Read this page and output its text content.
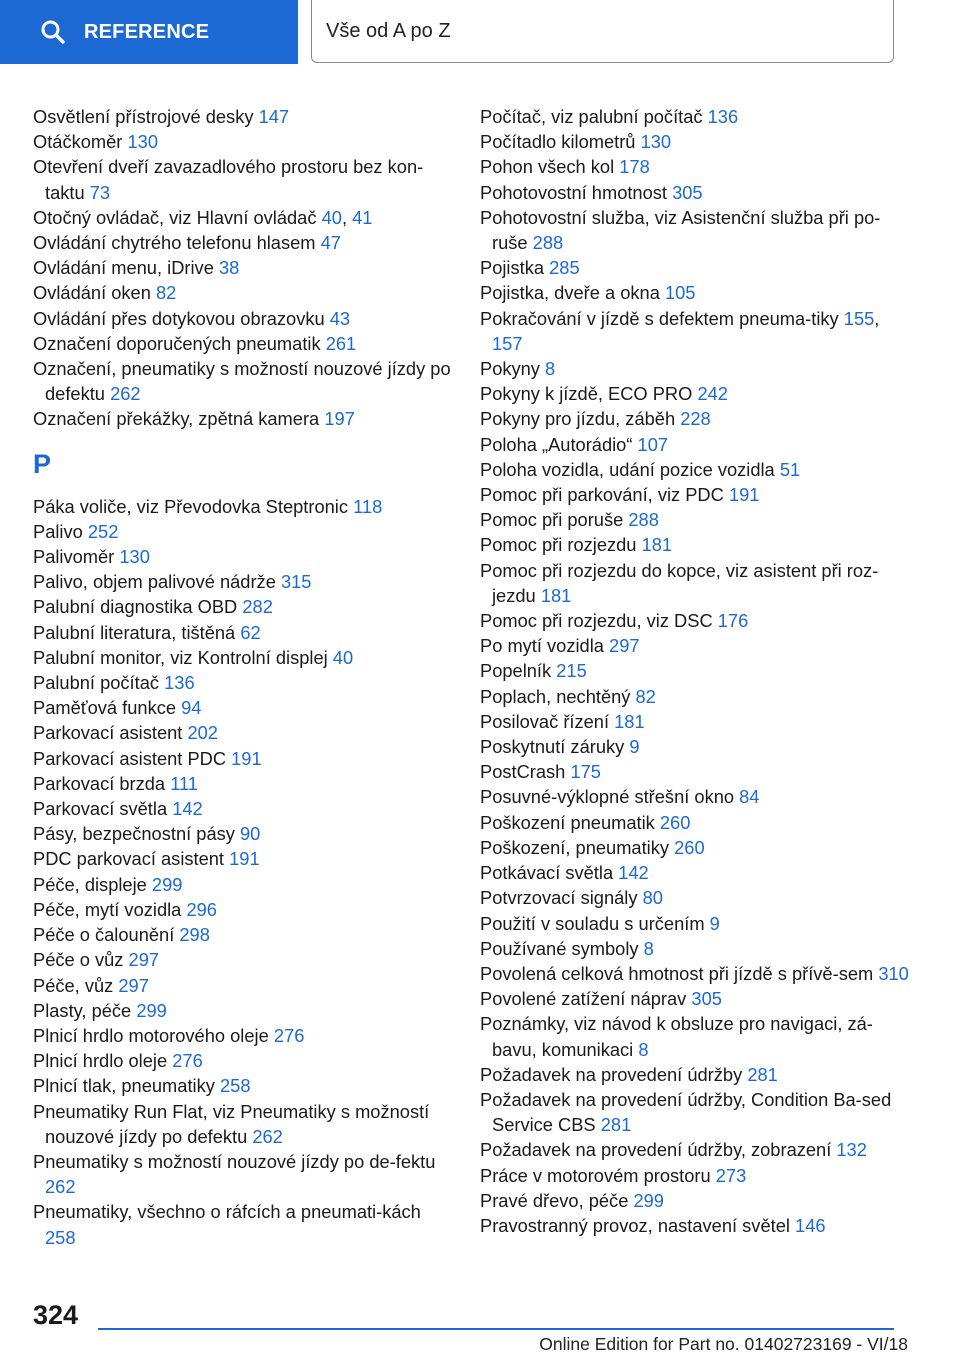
REFERENCE	Vše od A po Z
Osvětlení přístrojové desky 147
Otáčkoměr 130
Otevření dveří zavazadlového prostoru bez kon‐taktu 73
Otočný ovládač, viz Hlavní ovládač 40, 41
Ovládání chytrého telefonu hlasem 47
Ovládání menu, iDrive 38
Ovládání oken 82
Ovládání přes dotykovou obrazovku 43
Označení doporučených pneumatik 261
Označení, pneumatiky s možností nouzové jízdy po defektu 262
Označení překážky, zpětná kamera 197
P
Páka voliče, viz Převodovka Steptronic 118
Palivo 252
Palivoměr 130
Palivo, objem palivové nádrže 315
Palubní diagnostika OBD 282
Palubní literatura, tištěná 62
Palubní monitor, viz Kontrolní displej 40
Palubní počítač 136
Paměťová funkce 94
Parkovací asistent 202
Parkovací asistent PDC 191
Parkovací brzda 111
Parkovací světla 142
Pásy, bezpečnostní pásy 90
PDC parkovací asistent 191
Péče, displeje 299
Péče, mytí vozidla 296
Péče o čalounění 298
Péče o vůz 297
Péče, vůz 297
Plasty, péče 299
Plnicí hrdlo motorového oleje 276
Plnicí hrdlo oleje 276
Plnicí tlak, pneumatiky 258
Pneumatiky Run Flat, viz Pneumatiky s možností nouzové jízdy po defektu 262
Pneumatiky s možností nouzové jízdy po de‐fektu 262
Pneumatiky, všechno o ráfcích a pneumati‐kách 258
Počítač, viz palubní počítač 136
Počítadlo kilometrů 130
Pohon všech kol 178
Pohotovostní hmotnost 305
Pohotovostní služba, viz Asistenční služba při po‐ruše 288
Pojistka 285
Pojistka, dveře a okna 105
Pokračování v jízdě s defektem pneuma‐tiky 155, 157
Pokyny 8
Pokyny k jízdě, ECO PRO 242
Pokyny pro jízdu, záběh 228
Poloha „Autorádio“ 107
Poloha vozidla, udání pozice vozidla 51
Pomoc při parkování, viz PDC 191
Pomoc při poruše 288
Pomoc při rozjezdu 181
Pomoc při rozjezdu do kopce, viz asistent při roz‐jezdu 181
Pomoc při rozjezdu, viz DSC 176
Po mytí vozidla 297
Popelník 215
Poplach, nechtěný 82
Posilovač řízení 181
Poskytnutí záruky 9
PostCrash 175
Posuvné-výklopné střešní okno 84
Poškození pneumatik 260
Poškození, pneumatiky 260
Potkávací světla 142
Potvrzovací signály 80
Použití v souladu s určením 9
Používané symboly 8
Povolená celková hmotnost při jízdě s přívě‐sem 310
Povolené zatížení náprav 305
Poznámky, viz návod k obsluze pro navigaci, zá‐bavu, komunikaci 8
Požadavek na provedení údržby 281
Požadavek na provedení údržby, Condition Ba‐sed Service CBS 281
Požadavek na provedení údržby, zobrazení 132
Práce v motorovém prostoru 273
Pravé dřevo, péče 299
Pravostranný provoz, nastavení světel 146
324
Online Edition for Part no. 01402723169 - VI/18
